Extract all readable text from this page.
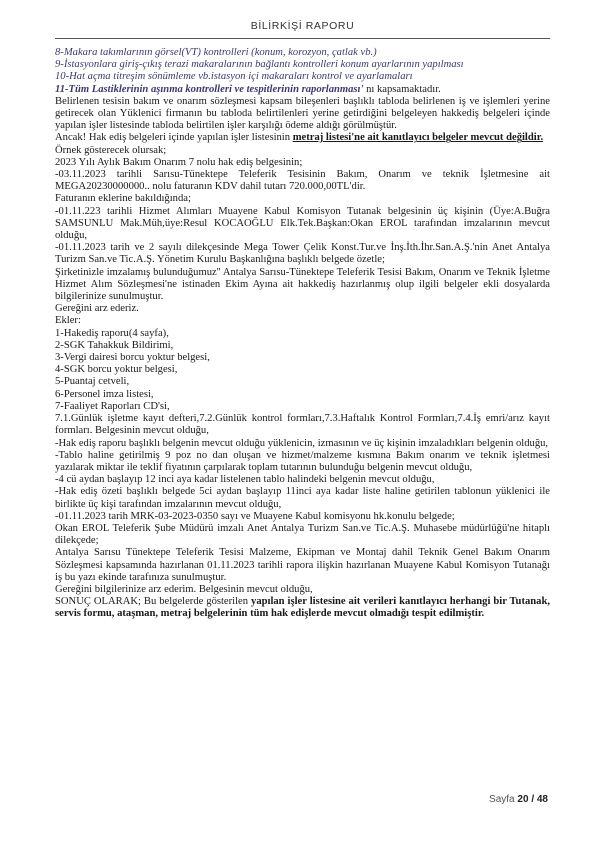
BİLİRKİŞİ RAPORU

8-Makara takımlarının görsel(VT) kontrolleri (konum, korozyon, çatlak vb.)

9-İstasyonlara giriş-çıkış terazi makaralarının bağlantı kontrolleri konum ayarlarının yapılması

10-Hat açma titreşim sönümleme vb.istasyon içi makaraları kontrol ve ayarlamaları

11-Tüm Lastiklerinin aşınma kontrolleri ve tespitlerinin raporlanması' nı kapsamaktadır.

Belirlenen tesisin bakım ve onarım sözleşmesi kapsam bileşenleri başlıklı tabloda belirlenen iş ve işlemleri yerine getirecek olan Yüklenici firmanın bu tabloda belirtilenleri yerine getirdiğini belgeleyen hakkediş belgeleri içinde yapılan işler listesinde tabloda belirtilen işler karşılığı ödeme aldığı görülmüştür.

Ancak! Hak ediş belgeleri içinde yapılan işler listesinin metraj listesi'ne ait kanıtlayıcı belgeler mevcut değildir.

Örnek gösterecek olursak;

2023 Yılı Aylık Bakım Onarım 7 nolu hak ediş belgesinin;

-03.11.2023 tarihli Sarısu-Tünektepe Teleferik Tesisinin Bakım, Onarım ve teknik İşletmesine ait MEGA20230000000.. nolu faturanın KDV dahil tutarı 720.000,00TL'dir.

Faturanın eklerine bakıldığında;

-01.11.223 tarihli Hizmet Alımları Muayene Kabul Komisyon Tutanak belgesinin üç kişinin (Üye:A.Buğra SAMSUNLU Mak.Müh,üye:Resul KOCAOĞLU Elk.Tek.Başkan:Okan EROL tarafından imzalarının mevcut olduğu,

-01.11.2023 tarih ve 2 sayılı dilekçesinde Mega Tower Çelik Konst.Tur.ve İnş.İth.İhr.San.A.Ş.'nin Anet Antalya Turizm San.ve Tic.A.Ş. Yönetim Kurulu Başkanlığına başlıklı belgede özetle;

Şirketinizle imzalamış bulunduğumuz'' Antalya Sarısu-Tünektepe Teleferik Tesisi Bakım, Onarım ve Teknik İşletme Hizmet Alım Sözleşmesi'ne istinaden Ekim Ayına ait hakkediş hazırlanmış olup ilgili belgeler ekli dosyalarda bilgilerinize sunulmuştur.

Gereğini arz ederiz.

Ekler:

1-Hakediş raporu(4 sayfa),

2-SGK Tahakkuk Bildirimi,

3-Vergi dairesi borcu yoktur belgesi,

4-SGK borcu yoktur belgesi,

5-Puantaj cetveli,

6-Personel imza listesi,

7-Faaliyet Raporları CD'si,

7.1.Günlük işletme kayıt defteri,7.2.Günlük kontrol formları,7.3.Haftalık Kontrol Formları,7.4.İş emri/arız kayıt formları. Belgesinin mevcut olduğu,

-Hak ediş raporu başlıklı belgenin mevcut olduğu yüklenicin, izmasının ve üç kişinin imzaladıkları belgenin olduğu,

-Tablo haline getirilmiş 9 poz no dan oluşan ve hizmet/malzeme kısmına Bakım onarım ve teknik işletmesi yazılarak miktar ile teklif fiyatının çarpılarak toplam tutarının bulunduğu belgenin mevcut olduğu,

-4 cü aydan başlayıp 12 inci aya kadar listelenen tablo halindeki belgenin mevcut olduğu,

-Hak ediş özeti başlıklı belgede 5ci aydan başlayıp 11inci aya kadar liste haline getirilen tablonun yüklenici ile birlikte üç kişi tarafından imzalarının mevcut olduğu,

-01.11.2023 tarih MRK-03-2023-0350 sayı ve Muayene Kabul komisyonu hk.konulu belgede;

Okan EROL Teleferik Şube Müdürü imzalı Anet Antalya Turizm San.ve Tic.A.Ş. Muhasebe müdürlüğü'ne hitaplı dilekçede;

Antalya Sarısu Tünektepe Teleferik Tesisi Malzeme, Ekipman ve Montaj dahil Teknik Genel Bakım Onarım Sözleşmesi kapsamında hazırlanan 01.11.2023 tarihli rapora ilişkin hazırlanan Muayene Kabul Komisyon Tutanağı iş bu yazı ekinde tarafınıza sunulmuştur.

Gereğini bilgilerinize arz ederim. Belgesinin mevcut olduğu,

SONUÇ OLARAK; Bu belgelerde gösterilen yapılan işler listesine ait verileri kanıtlayıcı herhangi bir Tutanak, servis formu, ataşman, metraj belgelerinin tüm hak edişlerde mevcut olmadığı tespit edilmiştir.

Sayfa 20 / 48
